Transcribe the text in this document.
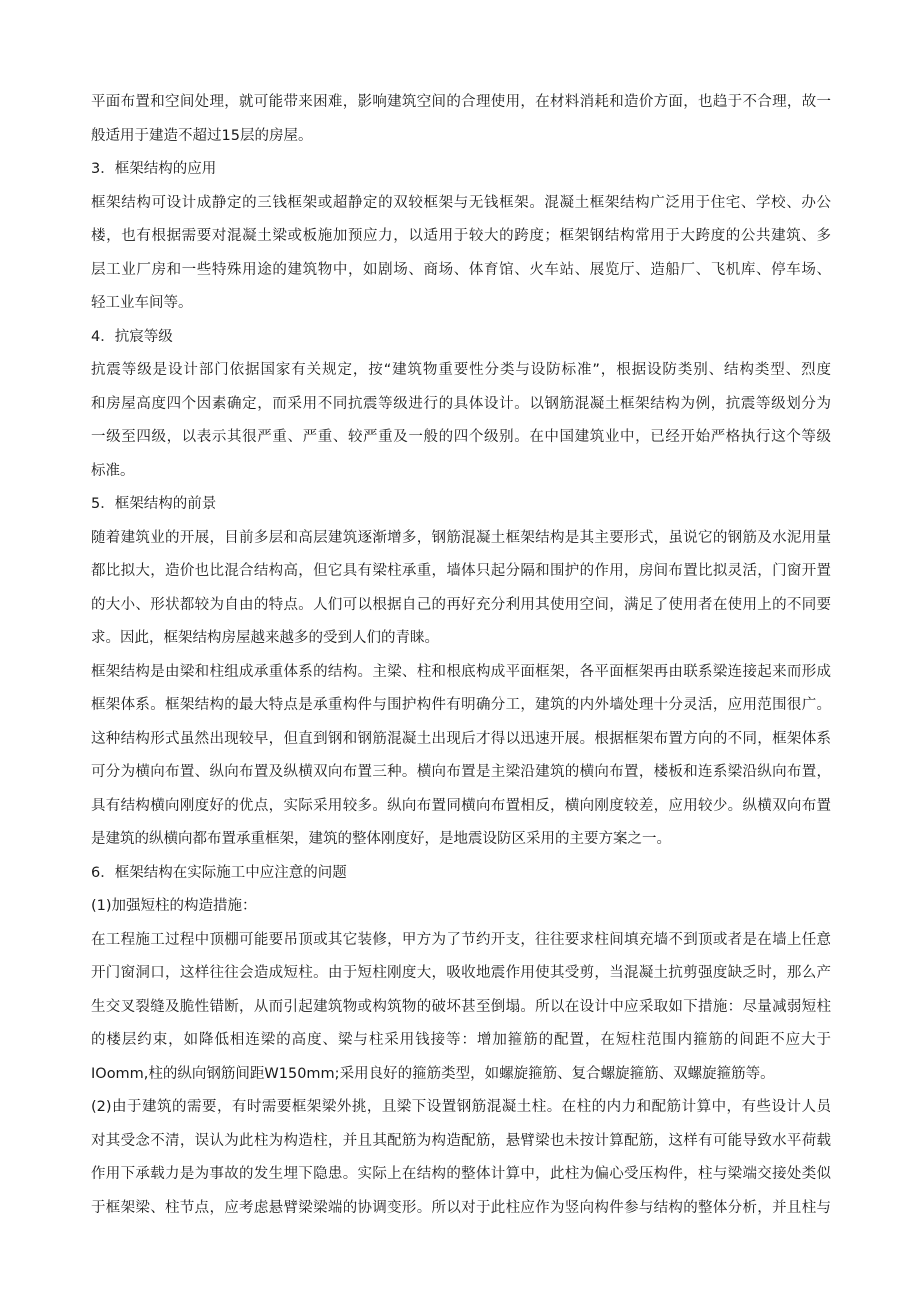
平面布置和空间处理，就可能带来困难，影响建筑空间的合理使用，在材料消耗和造价方面，也趋于不合理，故一
般适用于建造不超过15层的房屋。
3．框架结构的应用
框架结构可设计成静定的三钱框架或超静定的双较框架与无钱框架。混凝土框架结构广泛用于住宅、学校、办公
楼，也有根据需要对混凝土梁或板施加预应力，以适用于较大的跨度；框架钢结构常用于大跨度的公共建筑、多
层工业厂房和一些特殊用途的建筑物中，如剧场、商场、体育馆、火车站、展览厅、造船厂、飞机库、停车场、
轻工业车间等。
4．抗宸等级
抗震等级是设计部门依据国家有关规定，按“建筑物重要性分类与设防标准”，根据设防类别、结构类型、烈度
和房屋高度四个因素确定，而采用不同抗震等级进行的具体设计。以钢筋混凝土框架结构为例，抗震等级划分为
一级至四级，以表示其很严重、严重、较严重及一般的四个级别。在中国建筑业中，已经开始严格执行这个等级
标准。
5．框架结构的前景
随着建筑业的开展，目前多层和高层建筑逐渐增多，钢筋混凝土框架结构是其主要形式，虽说它的钢筋及水泥用量
都比拟大，造价也比混合结构高，但它具有梁柱承重，墙体只起分隔和围护的作用，房间布置比拟灵活，门窗开置
的大小、形状都较为自由的特点。人们可以根据自己的再好充分利用其使用空间，满足了使用者在使用上的不同要
求。因此，框架结构房屋越来越多的受到人们的青睐。
框架结构是由梁和柱组成承重体系的结构。主梁、柱和根底构成平面框架，各平面框架再由联系梁连接起来而形成
框架体系。框架结构的最大特点是承重构件与围护构件有明确分工，建筑的内外墙处理十分灵活，应用范围很广。
这种结构形式虽然出现较早，但直到钢和钢筋混凝土出现后才得以迅速开展。根据框架布置方向的不同，框架体系
可分为横向布置、纵向布置及纵横双向布置三种。横向布置是主梁沿建筑的横向布置，楼板和连系梁沿纵向布置，
具有结构横向刚度好的优点，实际采用较多。纵向布置同横向布置相反，横向刚度较差，应用较少。纵横双向布置
是建筑的纵横向都布置承重框架，建筑的整体刚度好，是地震设防区采用的主要方案之一。
6．框架结构在实际施工中应注意的问题
(1)加强短柱的构造措施：
在工程施工过程中顶棚可能要吊顶或其它装修，甲方为了节约开支，往往要求柱间填充墙不到顶或者是在墙上任意
开门窗洞口，这样往往会造成短柱。由于短柱刚度大，吸收地震作用使其受剪，当混凝土抗剪强度缺乏时，那么产
生交叉裂缝及脆性错断，从而引起建筑物或构筑物的破坏甚至倒塌。所以在设计中应采取如下措施：尽量减弱短柱
的楼层约束，如降低相连梁的高度、梁与柱采用钱接等：增加箍筋的配置，在短柱范围内箍筋的间距不应大于
IOomm,柱的纵向钢筋间距W150mm;采用良好的箍筋类型，如螺旋箍筋、复合螺旋箍筋、双螺旋箍筋等。
(2)由于建筑的需要，有时需要框架梁外挑，且梁下设置钢筋混凝土柱。在柱的内力和配筋计算中，有些设计人员
对其受念不清，误认为此柱为构造柱，并且其配筋为构造配筋，悬臂梁也未按计算配筋，这样有可能导致水平荷载
作用下承载力是为事故的发生埋下隐患。实际上在结构的整体计算中，此柱为偏心受压构件，柱与梁端交接处类似
于框架梁、柱节点，应考虑悬臂梁梁端的协调变形。所以对于此柱应作为竖向构件参与结构的整体分析，并且柱与
